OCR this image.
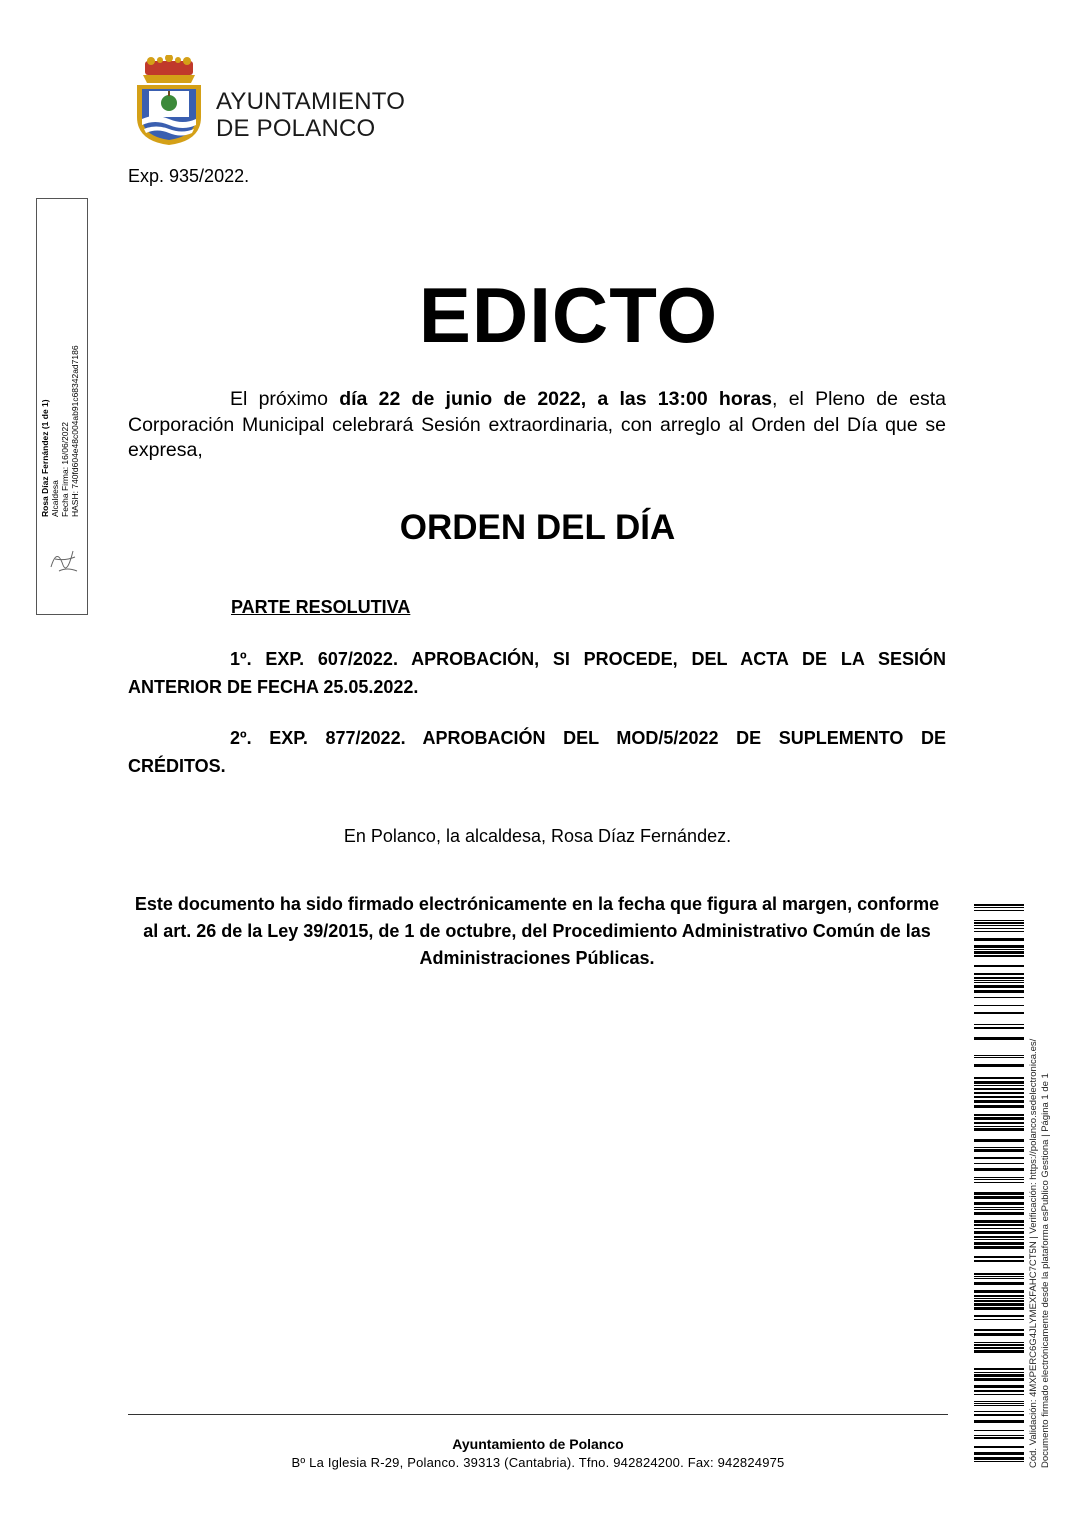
AYUNTAMIENTO
DE POLANCO
Exp. 935/2022.
Rosa Díaz Fernández (1 de 1) Alcaldesa Fecha Firma: 16/06/2022 HASH: 740fd604e48c004ab91c68342ad7186
EDICTO
El próximo día 22 de junio de 2022, a las 13:00 horas, el Pleno de esta Corporación Municipal celebrará Sesión extraordinaria, con arreglo al Orden del Día que se expresa,
ORDEN DEL DÍA
PARTE RESOLUTIVA
1º. EXP. 607/2022. APROBACIÓN, SI PROCEDE, DEL ACTA DE LA SESIÓN ANTERIOR DE FECHA 25.05.2022.
2º. EXP. 877/2022. APROBACIÓN DEL MOD/5/2022 DE SUPLEMENTO DE CRÉDITOS.
En Polanco, la alcaldesa, Rosa Díaz Fernández.
Este documento ha sido firmado electrónicamente en la fecha que figura al margen, conforme al art. 26 de la Ley 39/2015, de 1 de octubre, del Procedimiento Administrativo Común de las Administraciones Públicas.
Cód. Validación: 4MXPERC6G4JLYMEXFAHC7CT5N | Verificación: https://polanco.sedelectronica.es/ Documento firmado electrónicamente desde la plataforma esPublico Gestiona | Página 1 de 1
Ayuntamiento de Polanco
Bº La Iglesia R-29, Polanco. 39313 (Cantabria). Tfno. 942824200. Fax: 942824975
